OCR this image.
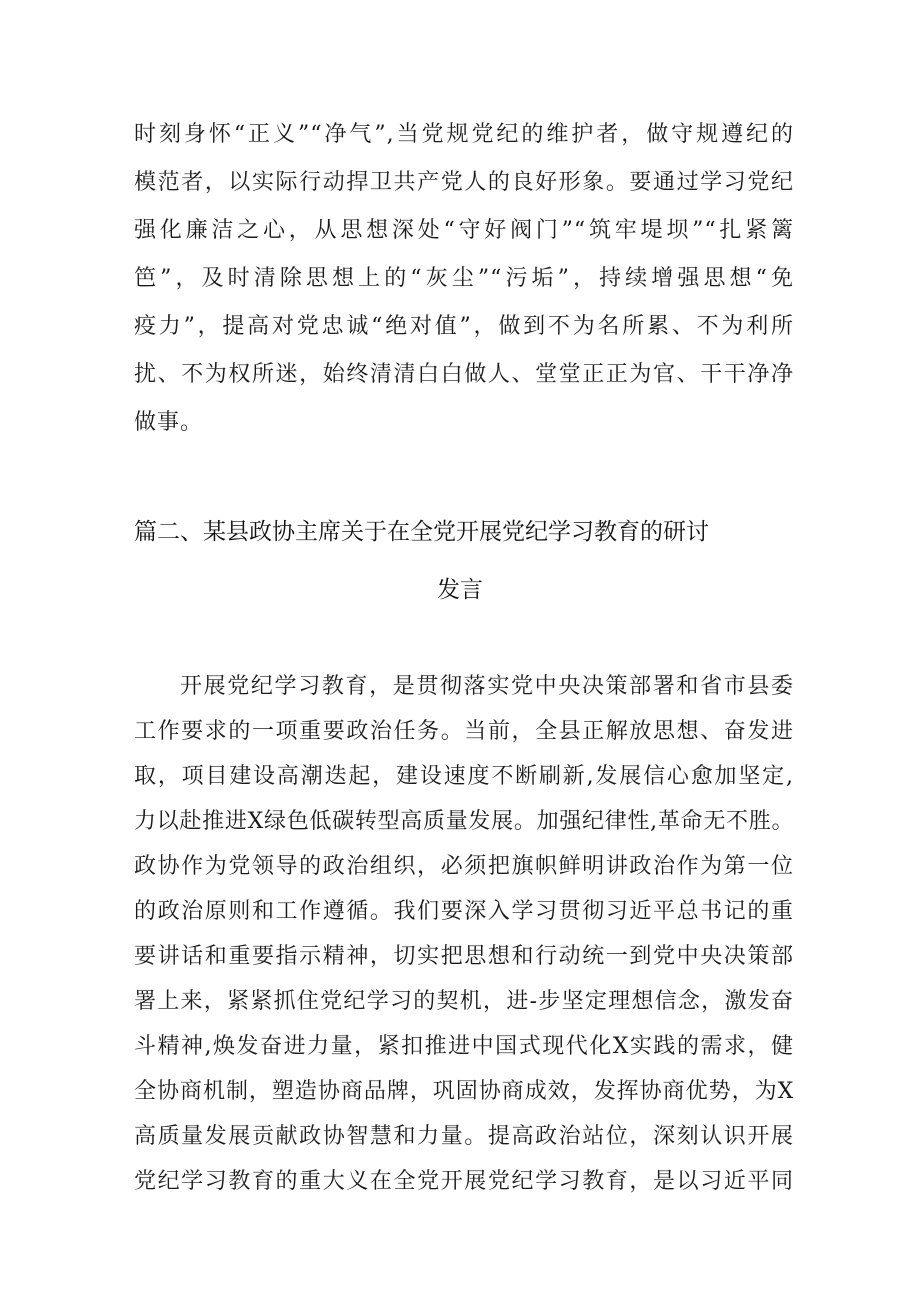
时刻身怀“正义”“净气”,当党规党纪的维护者，做守规遵纪的
模范者，以实际行动捍卫共产党人的良好形象。要通过学习党纪
强化廉洁之心，从思想深处“守好阀门”“筑牢堤坝”“扎紧篱
笆”，及时清除思想上的“灰尘”“污垢”，持续增强思想“免
疫力”，提高对党忠诚“绝对值”，做到不为名所累、不为利所
扰、不为权所迷，始终清清白白做人、堂堂正正为官、干干净净
做事。
篇二、某县政协主席关于在全党开展党纪学习教育的研讨
发言
开展党纪学习教育，是贯彻落实党中央决策部署和省市县委
工作要求的一项重要政治任务。当前，全县正解放思想、奋发进
取，项目建设高潮迭起，建设速度不断刷新,发展信心愈加坚定,
力以赴推进X绿色低碳转型高质量发展。加强纪律性,革命无不胜。
政协作为党领导的政治组织，必须把旗帜鲜明讲政治作为第一位
的政治原则和工作遵循。我们要深入学习贯彻习近平总书记的重
要讲话和重要指示精神，切实把思想和行动统一到党中央决策部
署上来，紧紧抓住党纪学习的契机，进-步坚定理想信念，激发奋
斗精神,焕发奋进力量，紧扣推进中国式现代化X实践的需求，健
全协商机制，塑造协商品牌，巩固协商成效，发挥协商优势，为X
高质量发展贡献政协智慧和力量。提高政治站位，深刻认识开展
党纪学习教育的重大义在全党开展党纪学习教育，是以习近平同
